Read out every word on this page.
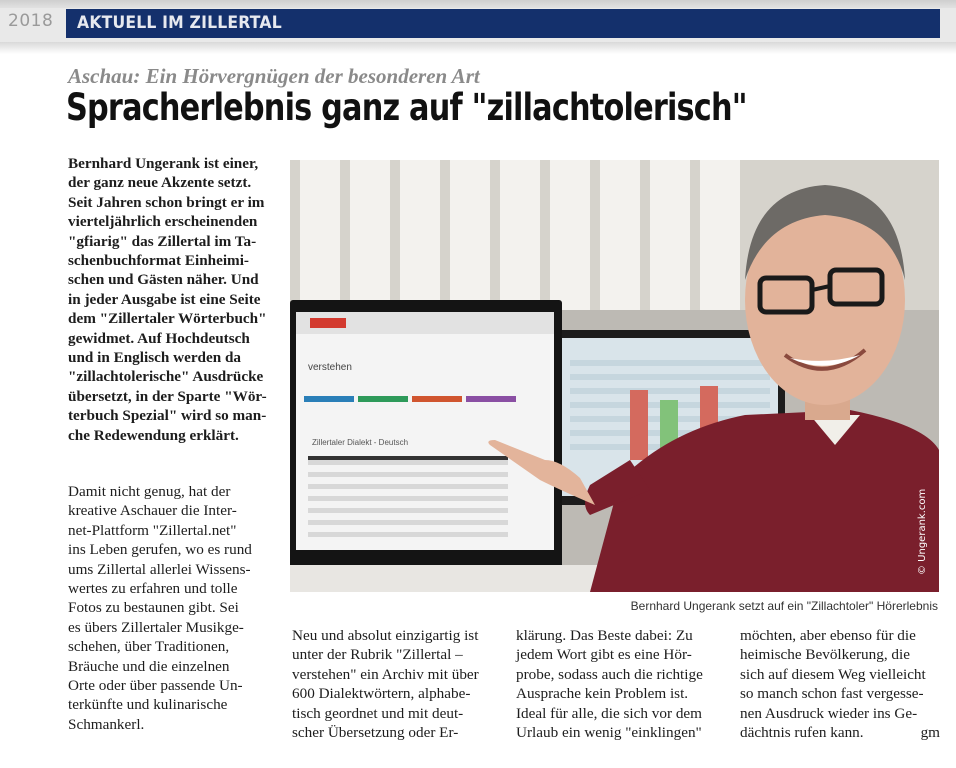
2018	AKTUELL IM ZILLERTAL
Aschau: Ein Hörvergnügen der besonderen Art
Spracherlebnis ganz auf "zillachtolerisch"
Bernhard Ungerank ist einer,
der ganz neue Akzente setzt.
Seit Jahren schon bringt er im
vierteljährlich erscheinenden
"gfiarig" das Zillertal im Ta-
schenbuchformat Einheimi-
schen und Gästen näher. Und
in jeder Ausgabe ist eine Seite
dem "Zillertaler Wörterbuch"
gewidmet. Auf Hochdeutsch
und in Englisch werden da
"zillachtolerische" Ausdrücke
übersetzt, in der Sparte "Wör-
terbuch Spezial" wird so man-
che Redewendung erklärt.
Damit nicht genug, hat der
kreative Aschauer die Inter-
net-Plattform "Zillertal.net"
ins Leben gerufen, wo es rund
ums Zillertal allerlei Wissens-
wertes zu erfahren und tolle
Fotos zu bestaunen gibt. Sei
es übers Zillertaler Musikge-
schehen, über Traditionen,
Bräuche und die einzelnen
Orte oder über passende Un-
terkünfte und kulinarische
Schmankerl.
Neu und absolut einzigartig ist
unter der Rubrik "Zillertal –
verstehen" ein Archiv mit über
600 Dialektwörtern, alphabe-
tisch geordnet und mit deut-
scher Übersetzung oder Er-
klärung. Das Beste dabei: Zu
jedem Wort gibt es eine Hör-
probe, sodass auch die richtige
Ausprache kein Problem ist.
Ideal für alle, die sich vor dem
Urlaub ein wenig "einklingen"
möchten, aber ebenso für die
heimische Bevölkerung, die
sich auf diesem Weg vielleicht
so manch schon fast vergesse-
nen Ausdruck wieder ins Ge-
dächtnis rufen kann.	gm
verstehen
Zillertaler Dialekt - Deutsch
© Ungerank.com
Bernhard Ungerank setzt auf ein "Zillachtoler" Hörerlebnis
